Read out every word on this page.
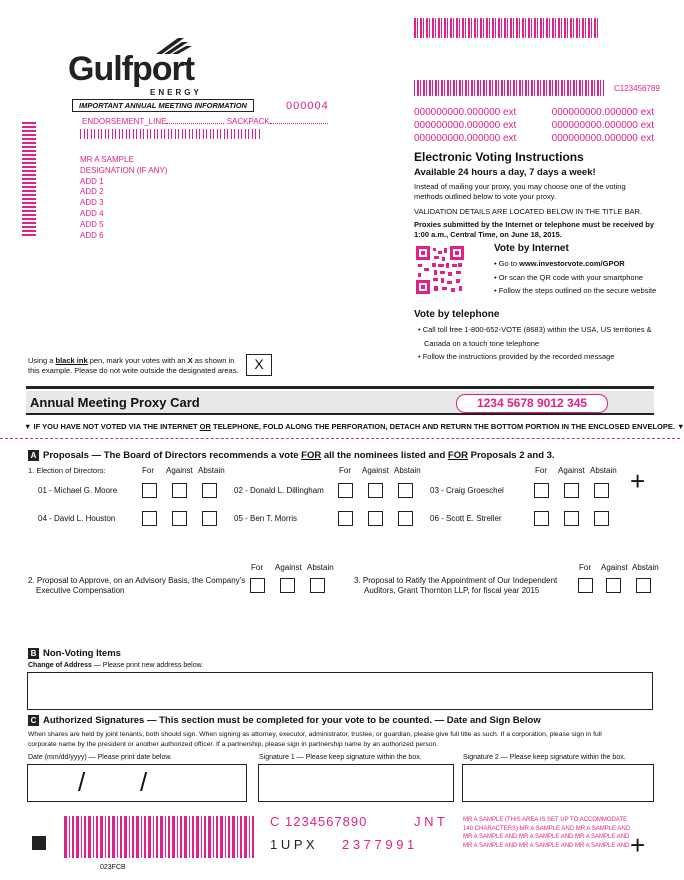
C123456789
Gulfport
ENERGY
IMPORTANT ANNUAL MEETING INFORMATION	000004
ENDORSEMENT_LINE	SACKPACK
MR A SAMPLE
DESIGNATION (IF ANY)
ADD 1
ADD 2
ADD 3
ADD 4
ADD 5
ADD 6
000000000.000000 ext	000000000.000000 ext
000000000.000000 ext	000000000.000000 ext
000000000.000000 ext	000000000.000000 ext
Electronic Voting Instructions
Available 24 hours a day, 7 days a week!
Instead of mailing your proxy, you may choose one of the voting
methods outlined below to vote your proxy.
VALIDATION DETAILS ARE LOCATED BELOW IN THE TITLE BAR.
Proxies submitted by the Internet or telephone must be received by
1:00 a.m., Central Time, on June 18, 2015.
Vote by Internet
• Go to www.investorvote.com/GPOR
• Or scan the QR code with your smartphone
• Follow the steps outlined on the secure website
Vote by telephone
• Call toll free 1-800-652-VOTE (8683) within the USA, US territories &
Canada on a touch tone telephone
• Follow the instructions provided by the recorded message
Using a black ink pen, mark your votes with an X as shown in
this example. Please do not write outside the designated areas.	X
Annual Meeting Proxy Card	1234 5678 9012 345
▼ IF YOU HAVE NOT VOTED VIA THE INTERNET OR TELEPHONE, FOLD ALONG THE PERFORATION, DETACH AND RETURN THE BOTTOM PORTION IN THE ENCLOSED ENVELOPE. ▼
A Proposals — The Board of Directors recommends a vote FOR all the nominees listed and FOR Proposals 2 and 3.
1. Election of Directors:	For Against Abstain	For Against Abstain	For Against Abstain
01 - Michael G. Moore	02 - Donald L. Dillingham	03 - Craig Groeschel	+
04 - David L. Houston	05 - Ben T. Morris	06 - Scott E. Streller
For Against Abstain
2. Proposal to Approve, on an Advisory Basis, the Company's
Executive Compensation
For Against Abstain
3. Proposal to Ratify the Appointment of Our Independent
Auditors, Grant Thornton LLP, for fiscal year 2015
B Non-Voting Items
Change of Address — Please print new address below.
C Authorized Signatures — This section must be completed for your vote to be counted. — Date and Sign Below
When shares are held by joint tenants, both should sign. When signing as attorney, executor, administrator, trustee, or guardian, please give full title as such. If a corporation, please sign in full
corporate name by the president or another authorized officer. If a partnership, please sign in partnership name by an authorized person.
Date (mm/dd/yyyy) — Please print date below.	Signature 1 — Please keep signature within the box.	Signature 2 — Please keep signature within the box.
/ /
C 1234567890	J N T
1 U P X 2 3 7 7 9 9 1
MR A SAMPLE (THIS AREA IS SET UP TO ACCOMMODATE
140 CHARACTERS) MR A SAMPLE AND MR A SAMPLE AND
MR A SAMPLE AND MR A SAMPLE AND MR A SAMPLE AND
MR A SAMPLE AND MR A SAMPLE AND MR A SAMPLE AND +
023FCB
